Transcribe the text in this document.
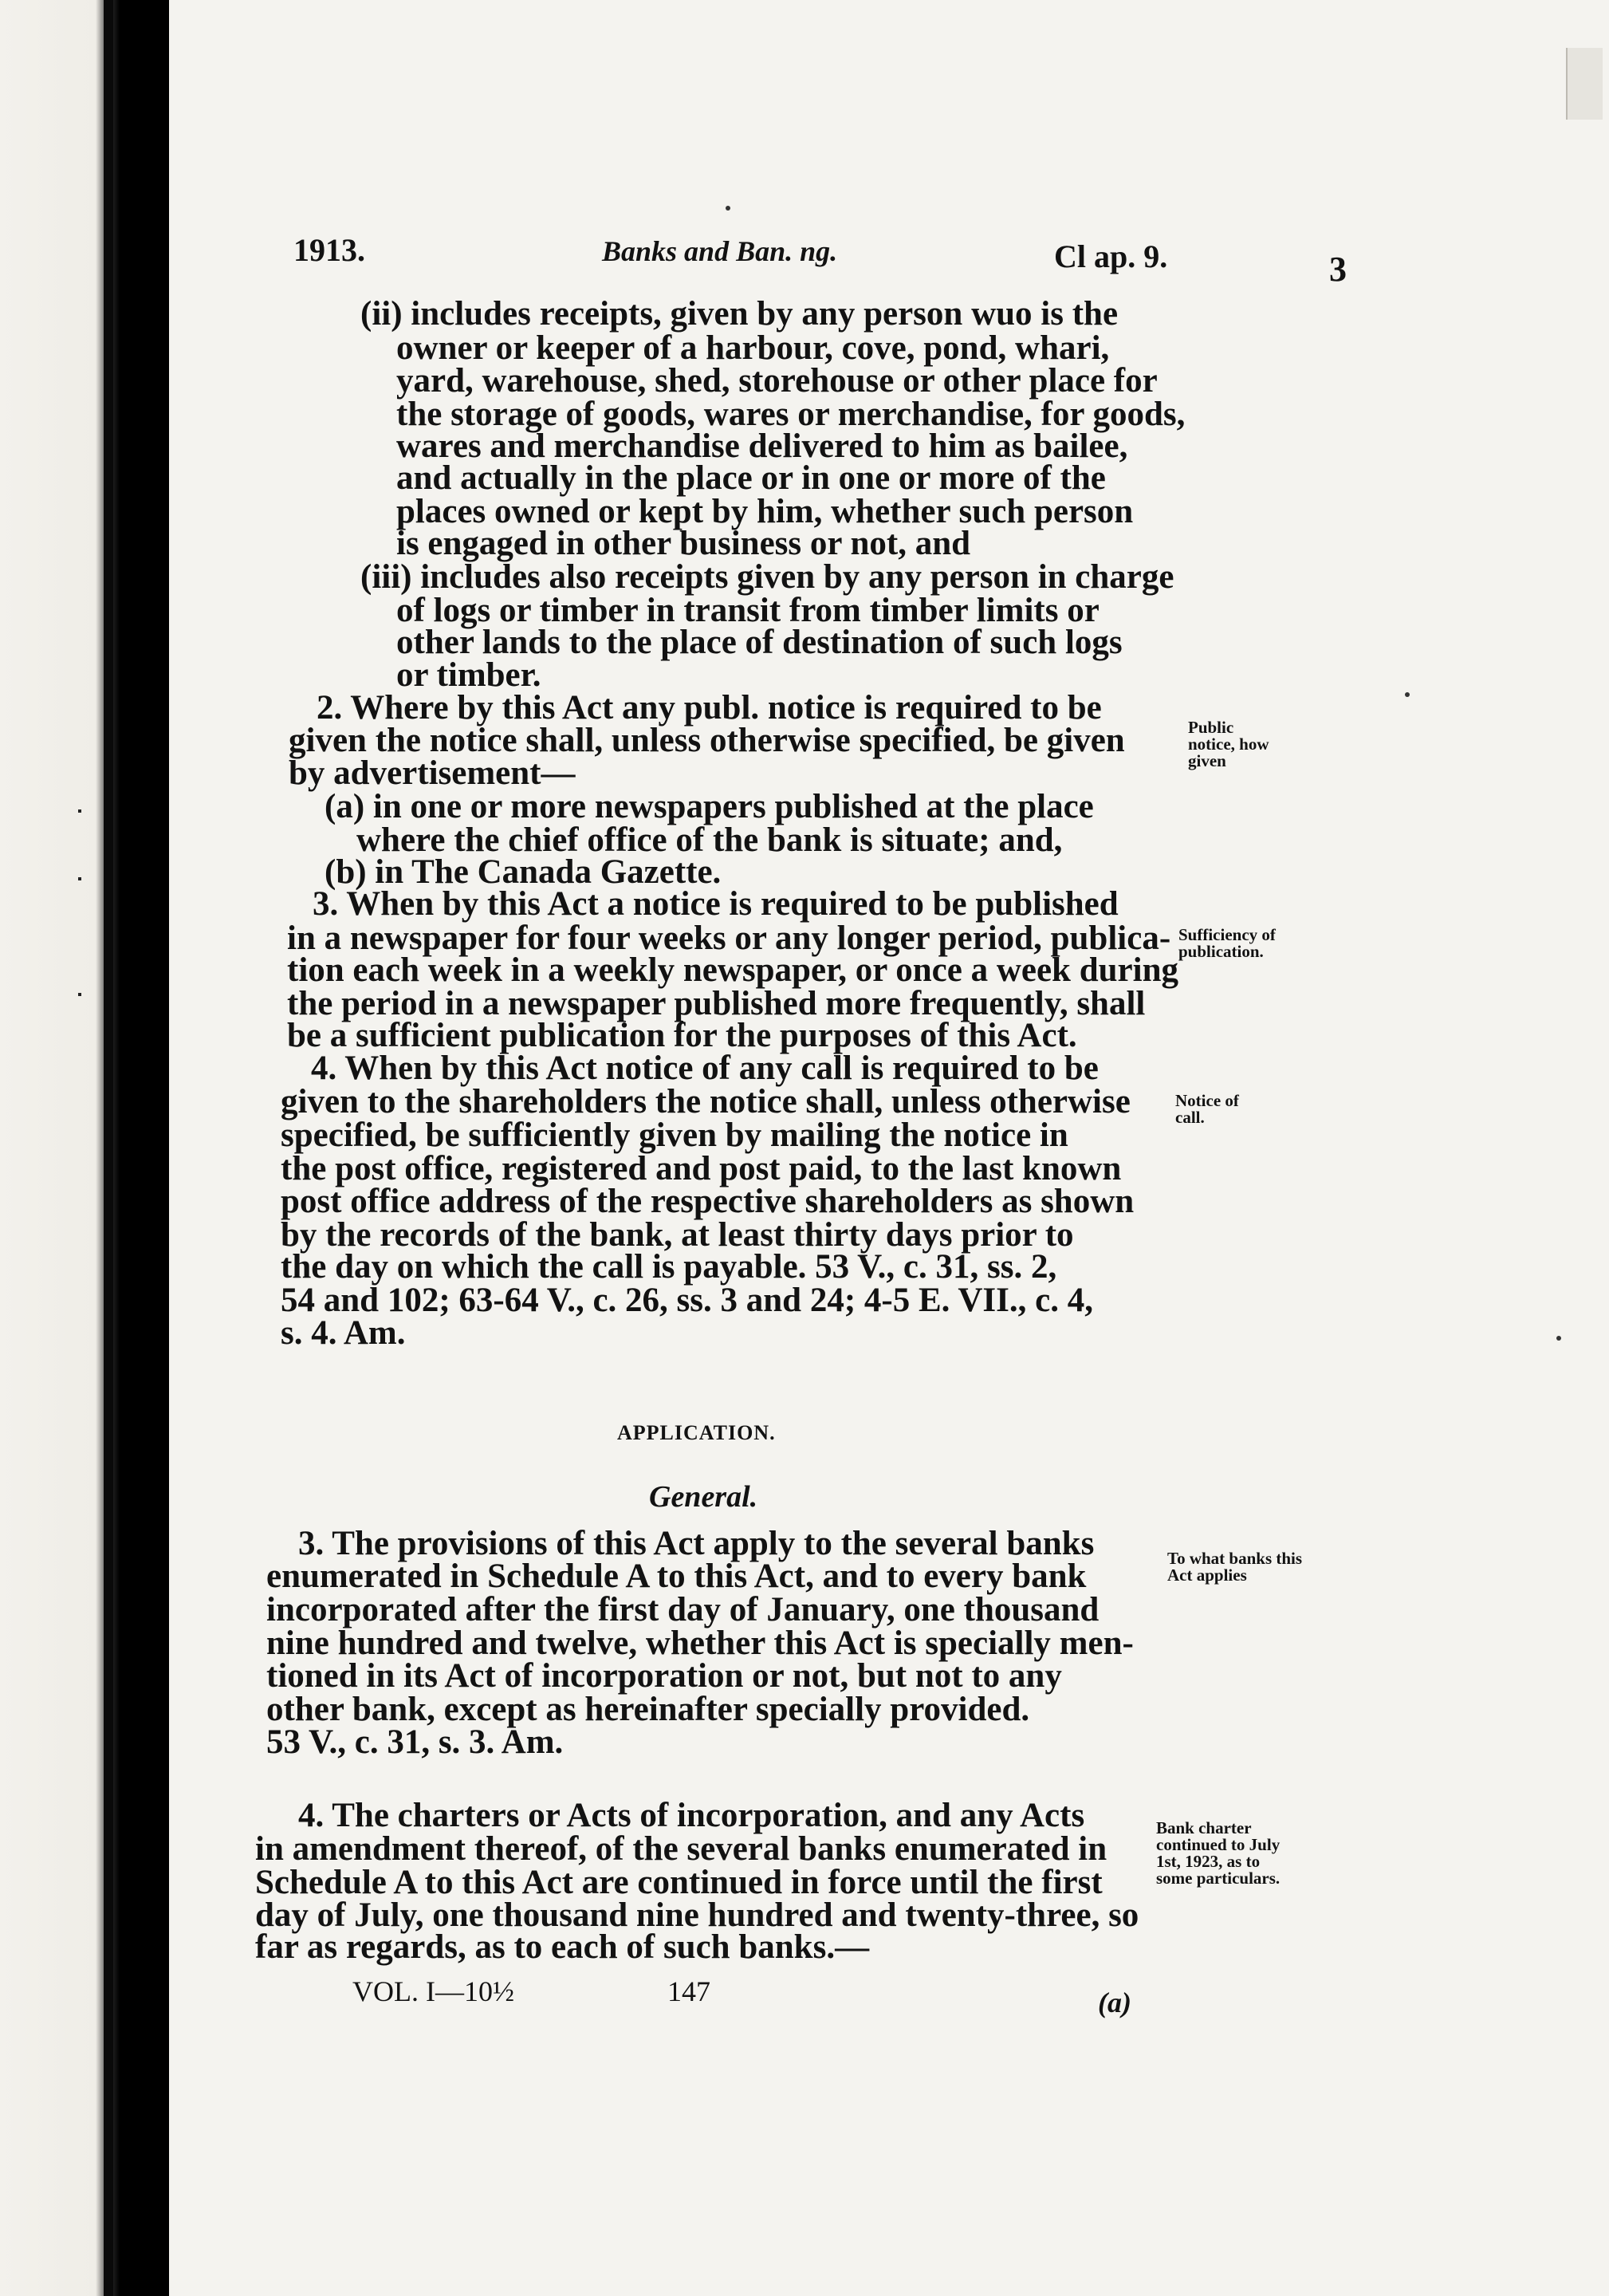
1913.	Banks and Ban. ng.	Cl ap. 9.	3
(ii) includes receipts, given by any person wuo is the
owner or keeper of a harbour, cove, pond, whari,
yard, warehouse, shed, storehouse or other place for
the storage of goods, wares or merchandise, for goods,
wares and merchandise delivered to him as bailee,
and actually in the place or in one or more of the
places owned or kept by him, whether such person
is engaged in other business or not, and
(iii) includes also receipts given by any person in charge
of logs or timber in transit from timber limits or
other lands to the place of destination of such logs
or timber.
2. Where by this Act any publ. notice is required to be
given the notice shall, unless otherwise specified, be given
by advertisement—
(a) in one or more newspapers published at the place
where the chief office of the bank is situate; and,
(b) in The Canada Gazette.
3. When by this Act a notice is required to be published
in a newspaper for four weeks or any longer period, publica-
tion each week in a weekly newspaper, or once a week during
the period in a newspaper published more frequently, shall
be a sufficient publication for the purposes of this Act.
4. When by this Act notice of any call is required to be
given to the shareholders the notice shall, unless otherwise
specified, be sufficiently given by mailing the notice in
the post office, registered and post paid, to the last known
post office address of the respective shareholders as shown
by the records of the bank, at least thirty days prior to
the day on which the call is payable. 53 V., c. 31, ss. 2,
54 and 102; 63-64 V., c. 26, ss. 3 and 24; 4-5 E. VII., c. 4,
s. 4. Am.
APPLICATION.
General.
3. The provisions of this Act apply to the several banks
enumerated in Schedule A to this Act, and to every bank
incorporated after the first day of January, one thousand
nine hundred and twelve, whether this Act is specially men-
tioned in its Act of incorporation or not, but not to any
other bank, except as hereinafter specially provided.
53 V., c. 31, s. 3. Am.
4. The charters or Acts of incorporation, and any Acts
in amendment thereof, of the several banks enumerated in
Schedule A to this Act are continued in force until the first
day of July, one thousand nine hundred and twenty-three, so
far as regards, as to each of such banks.—
Public notice, how given
Sufficiency of publication.
Notice of call.
To what banks this Act applies
Bank charter continued to July 1st, 1923, as to some particulars.
VOL. I—10½	147	(a)
